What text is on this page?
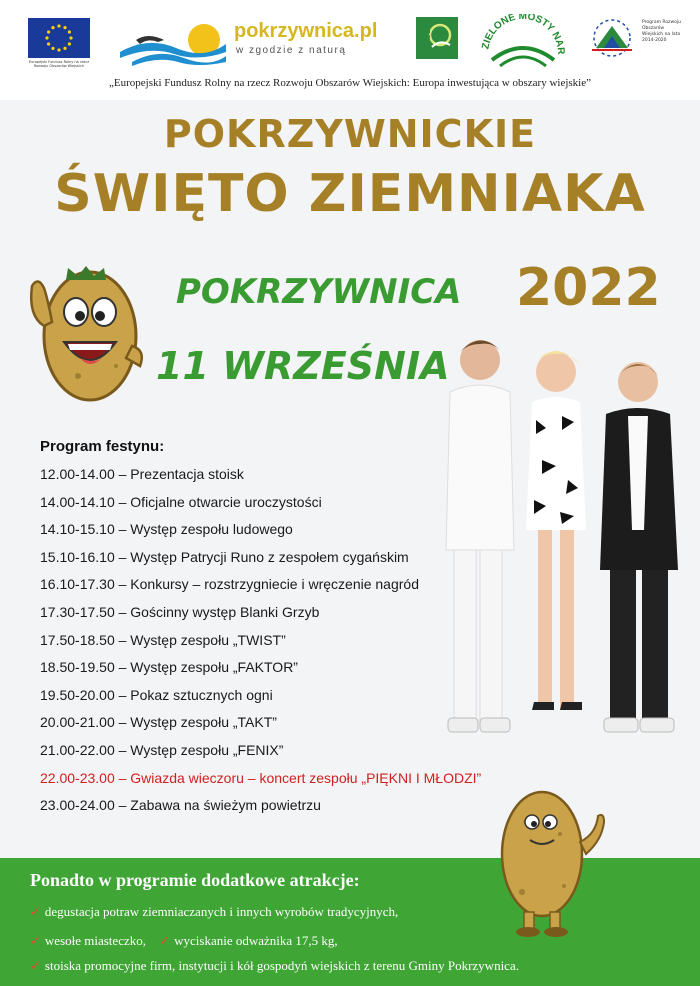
Europejski Fundusz Rolny na rzecz Rozwoju Obszarów Wiejskich
pokrzywnica.pl
w zgodzie z naturą	LEADER	ZIELONE MOSTY NAR
Program Rozwoju Obszarów Wiejskich na lata 2014-2020
„Europejski Fundusz Rolny na rzecz Rozwoju Obszarów Wiejskich: Europa inwestująca w obszary wiejskie”
POKRZYWNICKIE
ŚWIĘTO ZIEMNIAKA
POKRZYWNICA 2022
11 WRZEŚNIA
Program festynu:
12.00-14.00 – Prezentacja stoisk
14.00-14.10 – Oficjalne otwarcie uroczystości
14.10-15.10 – Występ zespołu ludowego
15.10-16.10 – Występ Patrycji Runo z zespołem cygańskim
16.10-17.30 – Konkursy – rozstrzygniecie i wręczenie nagród
17.30-17.50 – Gościnny występ Blanki Grzyb
17.50-18.50 – Występ zespołu „TWIST”
18.50-19.50 – Występ zespołu „FAKTOR”
19.50-20.00 – Pokaz sztucznych ogni
20.00-21.00 – Występ zespołu „TAKT”
21.00-22.00 – Występ zespołu „FENIX”
22.00-23.00 – Gwiazda wieczoru – koncert zespołu „PIĘKNI I MŁODZI”
23.00-24.00 – Zabawa na świeżym powietrzu
Ponadto w programie dodatkowe atrakcje:
✓ degustacja potraw ziemniaczanych i innych wyrobów tradycyjnych,
✓ wesołe miasteczko, ✓ wyciskanie odważnika 17,5 kg,
✓ stoiska promocyjne firm, instytucji i kół gospodyń wiejskich z terenu Gminy Pokrzywnica.
